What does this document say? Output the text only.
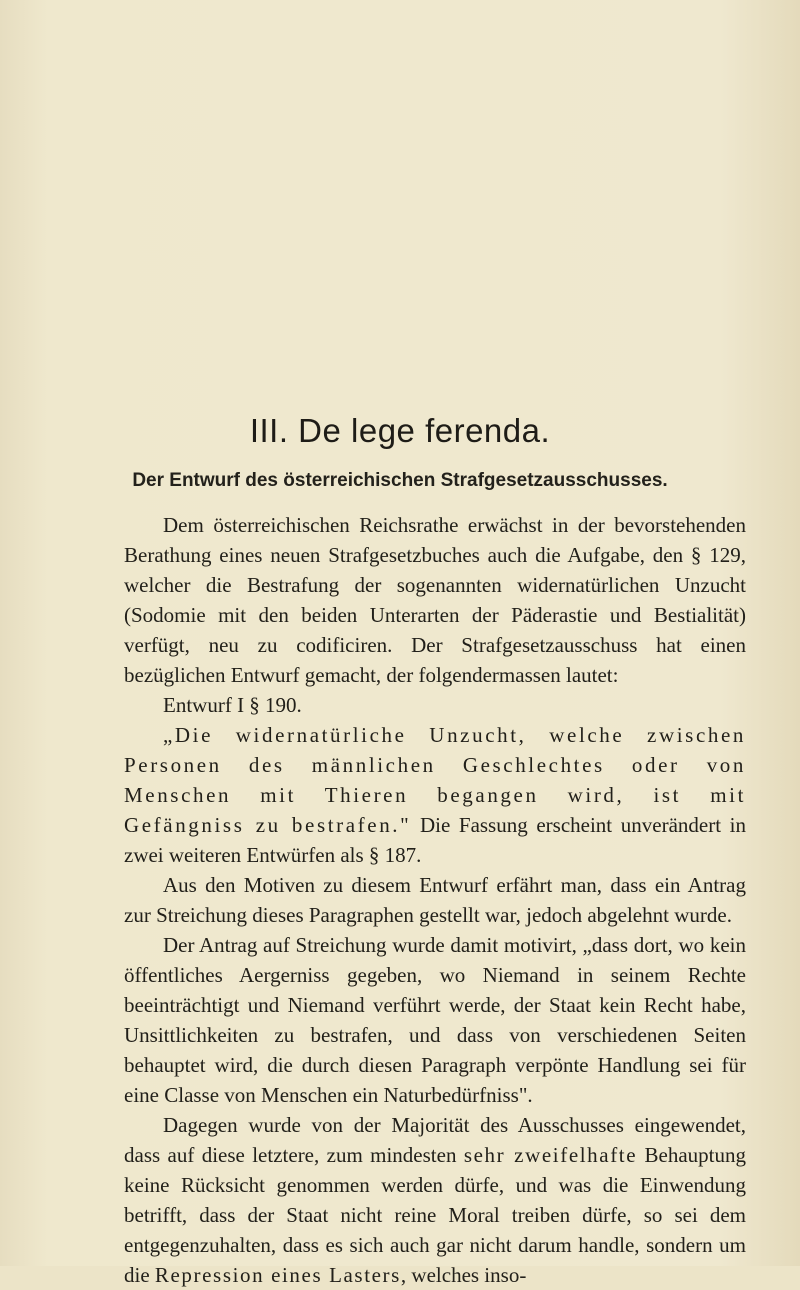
III. De lege ferenda.
Der Entwurf des österreichischen Strafgesetzausschusses.

Dem österreichischen Reichsrathe erwächst in der bevorstehenden Berathung eines neuen Strafgesetzbuches auch die Aufgabe, den § 129, welcher die Bestrafung der sogenannten widernatürlichen Unzucht (Sodomie mit den beiden Unterarten der Päderastie und Bestialität) verfügt, neu zu codificiren. Der Strafgesetzausschuss hat einen bezüglichen Entwurf gemacht, der folgendermassen lautet:

Entwurf I § 190.

„Die widernatürliche Unzucht, welche zwischen Personen des männlichen Geschlechtes oder von Menschen mit Thieren begangen wird, ist mit Gefängniss zu bestrafen." Die Fassung erscheint unverändert in zwei weiteren Entwürfen als § 187.

Aus den Motiven zu diesem Entwurf erfährt man, dass ein Antrag zur Streichung dieses Paragraphen gestellt war, jedoch abgelehnt wurde.

Der Antrag auf Streichung wurde damit motivirt, „dass dort, wo kein öffentliches Aergerniss gegeben, wo Niemand in seinem Rechte beeinträchtigt und Niemand verführt werde, der Staat kein Recht habe, Unsittlichkeiten zu bestrafen, und dass von verschiedenen Seiten behauptet wird, die durch diesen Paragraph verpönte Handlung sei für eine Classe von Menschen ein Naturbedürfniss".

Dagegen wurde von der Majorität des Ausschusses eingewendet, dass auf diese letztere, zum mindesten sehr zweifelhafte Behauptung keine Rücksicht genommen werden dürfe, und was die Einwendung betrifft, dass der Staat nicht reine Moral treiben dürfe, so sei dem entgegenzuhalten, dass es sich auch gar nicht darum handle, sondern um die Repression eines Lasters, welches inso-
